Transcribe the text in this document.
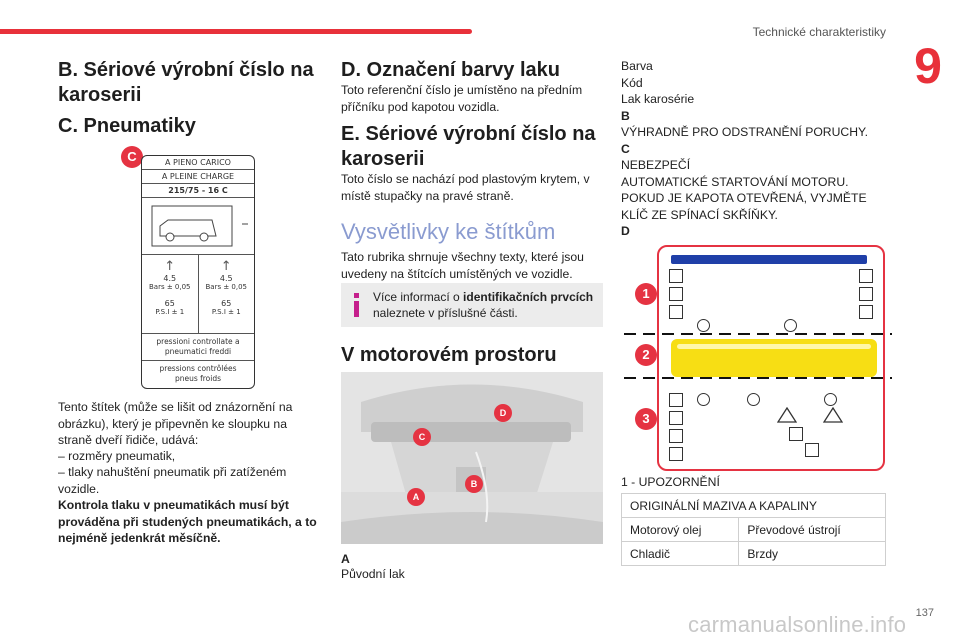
Technické charakteristiky
9
B. Sériové výrobní číslo na karoserii
C. Pneumatiky
C	A PIENO CARICO
A PLEINE CHARGE
215/75 - 16 C
↑
4.5
Bars ± 0,05
65
P.S.I ± 1
↑
4.5
Bars ± 0,05
65
P.S.I ± 1
pressioni controllate a pneumatici freddi
pressions contrôlées pneus froids

Tento štítek (může se lišit od znázornění na obrázku), který je připevněn ke sloupku na straně dveří řidiče, udává:

– rozměry pneumatik,

– tlaky nahuštění pneumatik při zatíženém vozidle.

Kontrola tlaku v pneumatikách musí být prováděna při studených pneumatikách, a to nejméně jedenkrát měsíčně.

D. Označení barvy laku

Toto referenční číslo je umístěno na předním příčníku pod kapotou vozidla.

E. Sériové výrobní číslo na karoserii

Toto číslo se nachází pod plastovým krytem, v místě stupačky na pravé straně.

Vysvětlivky ke štítkům

Tato rubrika shrnuje všechny texty, které jsou uvedeny na štítcích umístěných ve vozidle.

Více informací o identifikačních prvcích
naleznete v příslušné části.

V motorovém prostoru
D
C
B
A

A

Původní lak

Barva

Kód

Lak karosérie

B

VÝHRADNĚ PRO ODSTRANĚNÍ PORUCHY.

C

NEBEZPEČÍ

AUTOMATICKÉ STARTOVÁNÍ MOTORU.

POKUD JE KAPOTA OTEVŘENÁ, VYJMĚTE

KLÍČ ZE SPÍNACÍ SKŘÍŇKY.

D

1
2
3

1 - UPOZORNĚNÍ

ORIGINÁLNÍ MAZIVA A KAPALINY	
Motorový olej	Převodové ústrojí
Chladič	Brzdy
137
carmanualsonline.info
